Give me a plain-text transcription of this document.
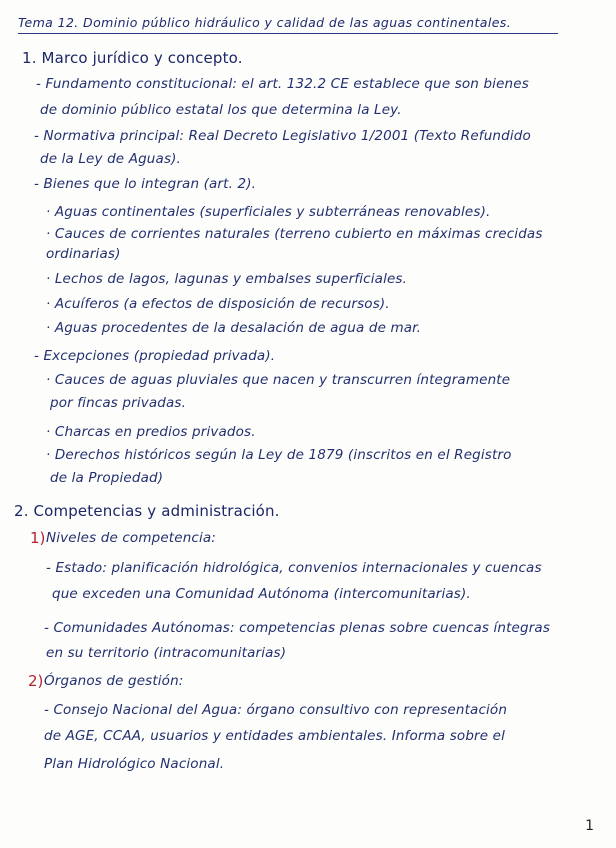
Tema 12. Dominio público hidráulico y calidad de las aguas continentales.
1. Marco jurídico y concepto.
- Fundamento constitucional: el art. 132.2 CE establece que son bienes
de dominio público estatal los que determina la Ley.
- Normativa principal: Real Decreto Legislativo 1/2001 (Texto Refundido
de la Ley de Aguas).
- Bienes que lo integran (art. 2).
· Aguas continentales (superficiales y subterráneas renovables).
· Cauces de corrientes naturales (terreno cubierto en máximas crecidas
ordinarias)
· Lechos de lagos, lagunas y embalses superficiales.
· Acuíferos (a efectos de disposición de recursos).
· Aguas procedentes de la desalación de agua de mar.
- Excepciones (propiedad privada).
· Cauces de aguas pluviales que nacen y transcurren íntegramente
por fincas privadas.
· Charcas en predios privados.
· Derechos históricos según la Ley de 1879 (inscritos en el Registro
de la Propiedad)
2. Competencias y administración.
1) Niveles de competencia:
- Estado: planificación hidrológica, convenios internacionales y cuencas
que exceden una Comunidad Autónoma (intercomunitarias).
- Comunidades Autónomas: competencias plenas sobre cuencas íntegras
en su territorio (intracomunitarias)
2) Órganos de gestión:
- Consejo Nacional del Agua: órgano consultivo con representación
de AGE, CCAA, usuarios y entidades ambientales. Informa sobre el
Plan Hidrológico Nacional.
1
